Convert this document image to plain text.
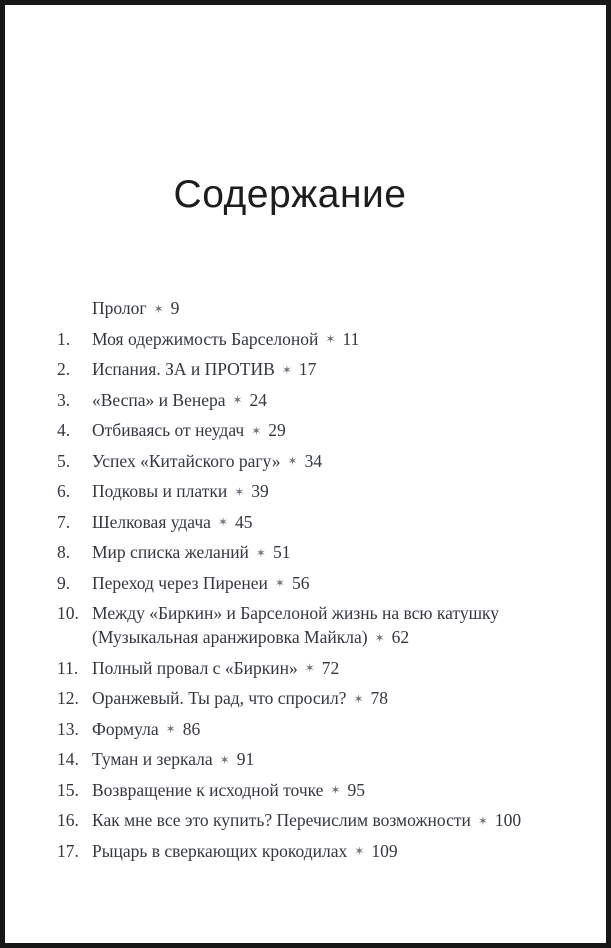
Содержание
Пролог ✶ 9
1.	Моя одержимость Барселоной ✶ 11
2.	Испания. ЗА и ПРОТИВ ✶ 17
3.	«Веспа» и Венера ✶ 24
4.	Отбиваясь от неудач ✶ 29
5.	Успех «Китайского рагу» ✶ 34
6.	Подковы и платки ✶ 39
7.	Шелковая удача ✶ 45
8.	Мир списка желаний ✶ 51
9.	Переход через Пиренеи ✶ 56
10. Между «Биркин» и Барселоной жизнь на всю катушку (Музыкальная аранжировка Майкла) ✶ 62
11. Полный провал с «Биркин» ✶ 72
12. Оранжевый. Ты рад, что спросил? ✶ 78
13. Формула ✶ 86
14. Туман и зеркала ✶ 91
15. Возвращение к исходной точке ✶ 95
16. Как мне все это купить? Перечислим возможности ✶ 100
17. Рыцарь в сверкающих крокодилах ✶ 109
